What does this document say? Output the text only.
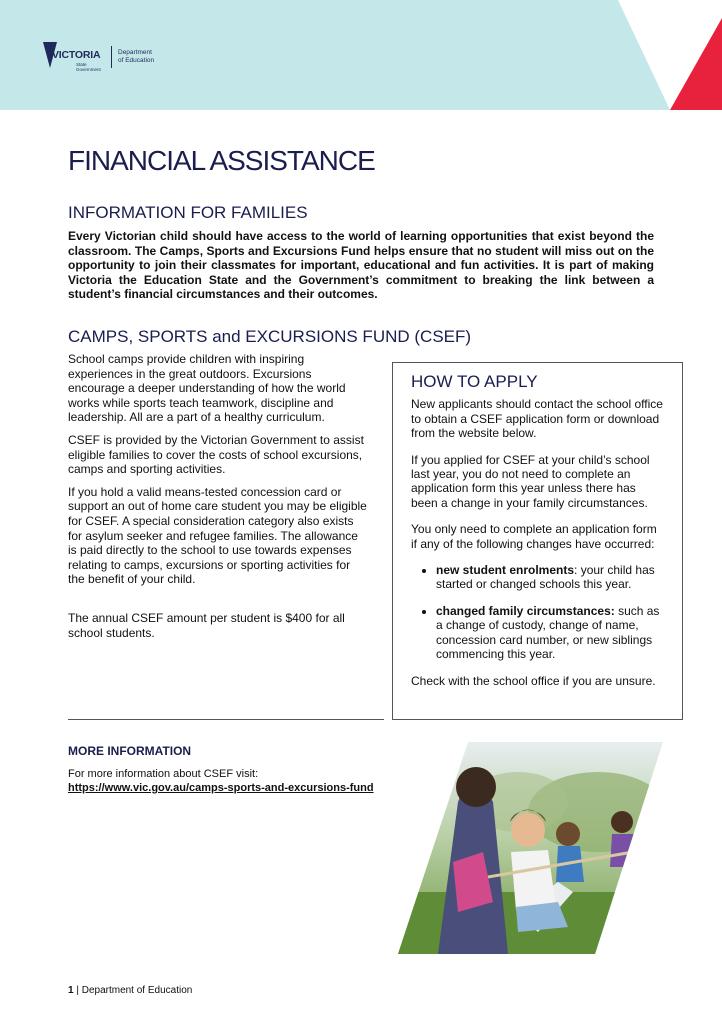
VICTORIA
State
Government
Department
of Education
FINANCIAL ASSISTANCE
INFORMATION FOR FAMILIES

Every Victorian child should have access to the world of learning opportunities that exist beyond the classroom. The Camps, Sports and Excursions Fund helps ensure that no student will miss out on the opportunity to join their classmates for important, educational and fun activities. It is part of making Victoria the Education State and the Government’s commitment to breaking the link between a student’s financial circumstances and their outcomes.

CAMPS, SPORTS and EXCURSIONS FUND (CSEF)

School camps provide children with inspiring experiences in the great outdoors. Excursions encourage a deeper understanding of how the world works while sports teach teamwork, discipline and leadership. All are a part of a healthy curriculum.

CSEF is provided by the Victorian Government to assist eligible families to cover the costs of school excursions, camps and sporting activities.

If you hold a valid means-tested concession card or support an out of home care student you may be eligible for CSEF. A special consideration category also exists for asylum seeker and refugee families. The allowance is paid directly to the school to use towards expenses relating to camps, excursions or sporting activities for the benefit of your child.

The annual CSEF amount per student is $400 for all school students.

HOW TO APPLY

New applicants should contact the school office to obtain a CSEF application form or download from the website below.

If you applied for CSEF at your child’s school last year, you do not need to complete an application form this year unless there has been a change in your family circumstances.

You only need to complete an application form if any of the following changes have occurred:

• new student enrolments: your child has started or changed schools this year.
• changed family circumstances: such as a change of custody, change of name, concession card number, or new siblings commencing this year.

Check with the school office if you are unsure.

MORE INFORMATION
For more information about CSEF visit:
https://www.vic.gov.au/camps-sports-and-excursions-fund
1 | Department of Education
